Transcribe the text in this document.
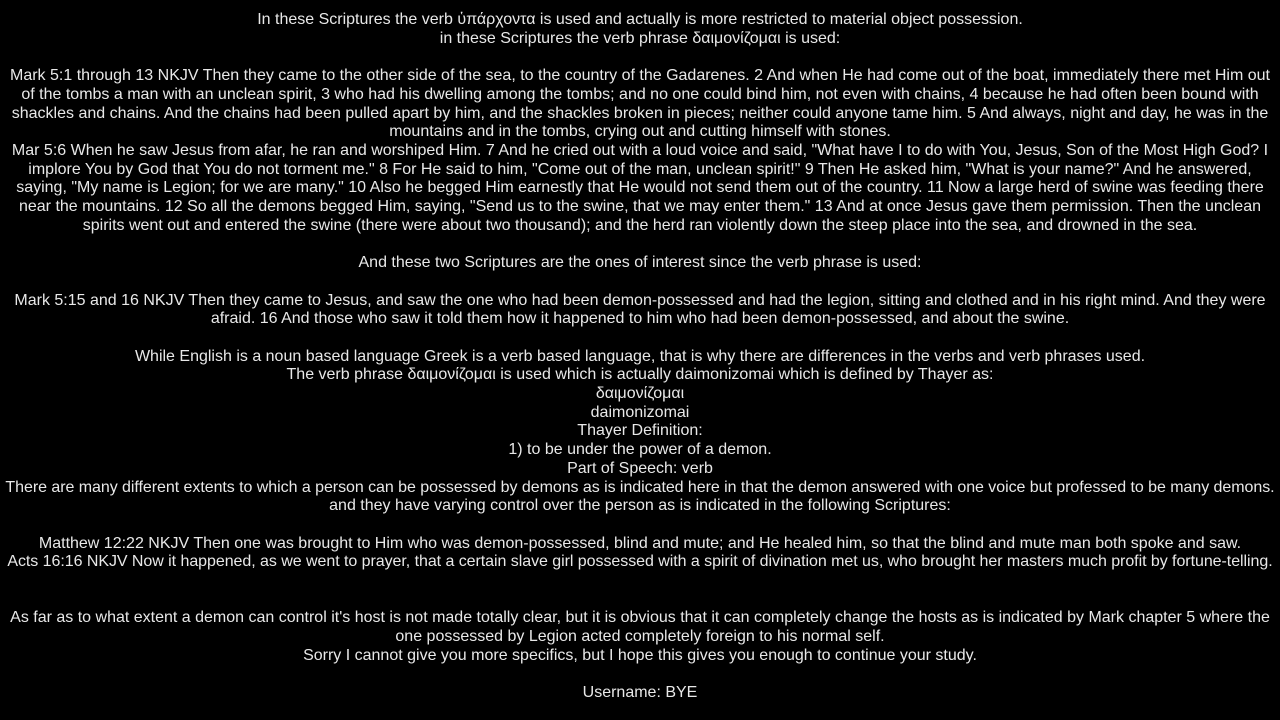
In these Scriptures the verb ὑπάρχοντα is used and actually is more restricted to material object possession.
in these Scriptures the verb phrase δαιμονίζομαι is used:
Mark 5:1 through 13 NKJV Then they came to the other side of the sea, to the country of the Gadarenes. 2 And when He had come out of the boat, immediately there met Him out of the tombs a man with an unclean spirit, 3 who had his dwelling among the tombs; and no one could bind him, not even with chains, 4 because he had often been bound with shackles and chains. And the chains had been pulled apart by him, and the shackles broken in pieces; neither could anyone tame him. 5 And always, night and day, he was in the mountains and in the tombs, crying out and cutting himself with stones.
Mar 5:6 When he saw Jesus from afar, he ran and worshiped Him. 7 And he cried out with a loud voice and said, "What have I to do with You, Jesus, Son of the Most High God? I implore You by God that You do not torment me." 8 For He said to him, "Come out of the man, unclean spirit!" 9 Then He asked him, "What is your name?" And he answered, saying, "My name is Legion; for we are many." 10 Also he begged Him earnestly that He would not send them out of the country. 11 Now a large herd of swine was feeding there near the mountains. 12 So all the demons begged Him, saying, "Send us to the swine, that we may enter them." 13 And at once Jesus gave them permission. Then the unclean spirits went out and entered the swine (there were about two thousand); and the herd ran violently down the steep place into the sea, and drowned in the sea.
And these two Scriptures are the ones of interest since the verb phrase is used:
Mark 5:15 and 16 NKJV Then they came to Jesus, and saw the one who had been demon-possessed and had the legion, sitting and clothed and in his right mind. And they were afraid. 16 And those who saw it told them how it happened to him who had been demon-possessed, and about the swine.
While English is a noun based language Greek is a verb based language, that is why there are differences in the verbs and verb phrases used.
The verb phrase δαιμονίζομαι is used which is actually daimonizomai which is defined by Thayer as:
δαιμονίζομαι
daimonizomai
Thayer Definition:
1) to be under the power of a demon.
Part of Speech: verb
There are many different extents to which a person can be possessed by demons as is indicated here in that the demon answered with one voice but professed to be many demons.
and they have varying control over the person as is indicated in the following Scriptures:
Matthew 12:22 NKJV Then one was brought to Him who was demon-possessed, blind and mute; and He healed him, so that the blind and mute man both spoke and saw.
Acts 16:16 NKJV Now it happened, as we went to prayer, that a certain slave girl possessed with a spirit of divination met us, who brought her masters much profit by fortune-telling.
As far as to what extent a demon can control it's host is not made totally clear, but it is obvious that it can completely change the hosts as is indicated by Mark chapter 5 where the one possessed by Legion acted completely foreign to his normal self.
Sorry I cannot give you more specifics, but I hope this gives you enough to continue your study.
Username: BYE
